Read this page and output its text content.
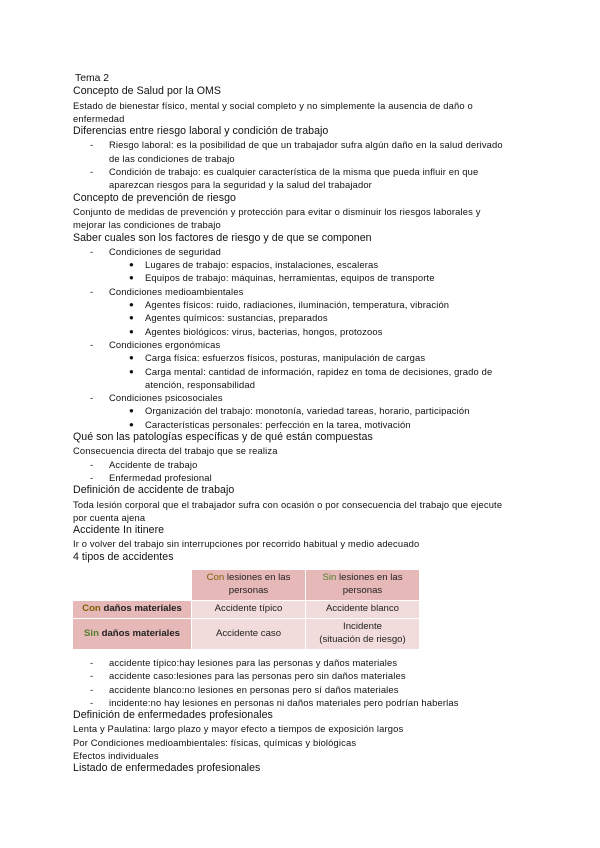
Tema 2
Concepto de Salud por la OMS
Estado de bienestar físico, mental y social completo y no simplemente la ausencia de daño o
enfermedad
Diferencias entre riesgo laboral y condición de trabajo
- Riesgo laboral: es la posibilidad de que un trabajador sufra algún daño en la salud derivado
de las condiciones de trabajo
- Condición de trabajo: es cualquier característica de la misma que pueda influir en que
aparezcan riesgos para la seguridad y la salud del trabajador
Concepto de prevención de riesgo
Conjunto de medidas de prevención y protección para evitar o disminuir los riesgos laborales y
mejorar las condiciones de trabajo
Saber cuales son los factores de riesgo y de que se componen
- Condiciones de seguridad
● Lugares de trabajo: espacios, instalaciones, escaleras
● Equipos de trabajo: máquinas, herramientas, equipos de transporte
- Condiciones medioambientales
● Agentes físicos: ruido, radiaciones, iluminación, temperatura, vibración
● Agentes químicos: sustancias, preparados
● Agentes biológicos: virus, bacterias, hongos, protozoos
- Condiciones ergonómicas
● Carga física: esfuerzos físicos, posturas, manipulación de cargas
● Carga mental: cantidad de información, rapidez en toma de decisiones, grado de
atención, responsabilidad
- Condiciones psicosociales
● Organización del trabajo: monotonía, variedad tareas, horario, participación
● Características personales: perfección en la tarea, motivación
Qué son las patologías específicas y de qué están compuestas
Consecuencia directa del trabajo que se realiza
- Accidente de trabajo
- Enfermedad profesional
Definición de accidente de trabajo
Toda lesión corporal que el trabajador sufra con ocasión o por consecuencia del trabajo que ejecute
por cuenta ajena
Accidente In itinere
Ir o volver del trabajo sin interrupciones por recorrido habitual y medio adecuado
4 tipos de accidentes
	Con lesiones en las personas	Sin lesiones en las personas
Con daños materiales	Accidente típico	Accidente blanco
Sin daños materiales	Accidente caso	Incidente
(situación de riesgo)
- accidente típico:hay lesiones para las personas y daños materiales
- accidente caso:lesiones para las personas pero sin daños materiales
- accidente blanco:no lesiones en personas pero sí daños materiales
- incidente:no hay lesiones en personas ni daños materiales pero podrían haberlas
Definición de enfermedades profesionales
Lenta y Paulatina: largo plazo y mayor efecto a tiempos de exposición largos
Por Condiciones medioambientales: físicas, químicas y biológicas
Efectos individuales
Listado de enfermedades profesionales
